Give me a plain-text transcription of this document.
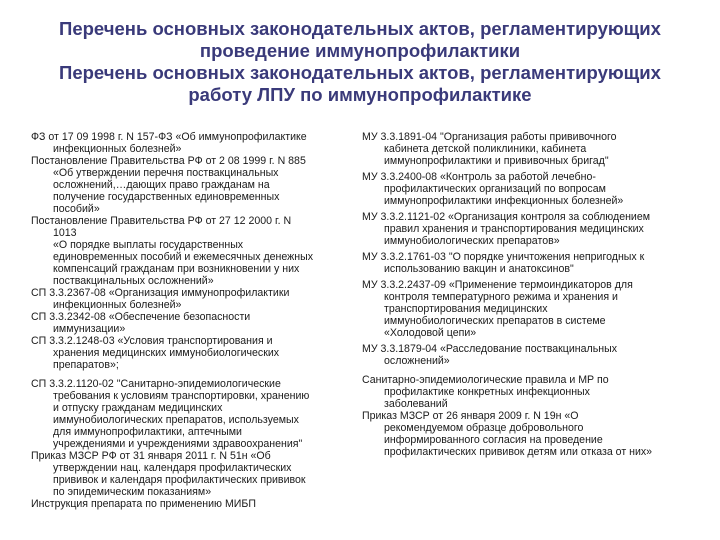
Перечень основных законодательных актов, регламентирующих
проведение иммунопрофилактики
Перечень основных законодательных актов, регламентирующих
работу ЛПУ по иммунопрофилактике
ФЗ от 17 09 1998 г. N 157-ФЗ «Об иммунопрофилактике
инфекционных болезней»
Постановление Правительства РФ от 2 08 1999 г. N 885
«Об утверждении перечня поствакцинальных
осложнений,…дающих право гражданам на
получение государственных единовременных
пособий»
Постановление Правительства РФ от 27 12 2000 г. N
1013
«О порядке выплаты государственных
единовременных пособий и ежемесячных денежных
компенсаций гражданам при возникновении у них
поствакцинальных осложнений»
СП 3.3.2367-08 «Организация иммунопрофилактики
инфекционных болезней»
СП 3.3.2342-08 «Обеспечение безопасности
иммунизации»
СП 3.3.2.1248-03 «Условия транспортирования и
хранения медицинских иммунобиологических
препаратов»;
СП 3.3.2.1120-02 "Санитарно-эпидемиологические
требования к условиям транспортировки, хранению
и отпуску гражданам медицинских
иммунобиологических препаратов, используемых
для иммунопрофилактики, аптечными
учреждениями и учреждениями здравоохранения"
Приказ МЗСР РФ от 31 января 2011 г. N 51н «Об
утверждении нац. календаря профилактических
прививок и календаря профилактических прививок
по эпидемическим показаниям»
Инструкция препарата по применению МИБП
МУ 3.3.1891-04 "Организация работы прививочного
кабинета детской поликлиники, кабинета
иммунопрофилактики и прививочных бригад"
МУ 3.3.2400-08 «Контроль за работой лечебно-
профилактических организаций по вопросам
иммунопрофилактики инфекционных болезней»
МУ 3.3.2.1121-02 «Организация контроля за соблюдением
правил хранения и транспортирования медицинских
иммунобиологических препаратов»
МУ 3.3.2.1761-03 "О порядке уничтожения непригодных к
использованию вакцин и анатоксинов"
МУ 3.3.2.2437-09 «Применение термоиндикаторов для
контроля температурного режима и хранения и
транспортирования медицинских
иммунобиологических препаратов в системе
«Холодовой цепи»
МУ 3.3.1879-04 «Расследование поствакцинальных
осложнений»
Санитарно-эпидемиологические правила и МР по
профилактике конкретных инфекционных
заболеваний
Приказ МЗСР от 26 января 2009 г. N 19н «О
рекомендуемом образце добровольного
информированного согласия на проведение
профилактических прививок детям или отказа от них»
